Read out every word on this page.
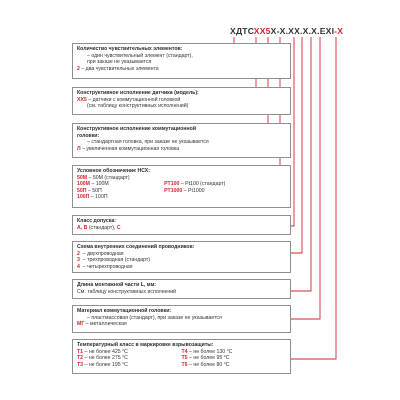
ХДТСХХ5Х-Х.ХХ.Х.Х.EXI-Х
Количество чувствительных элементов:
– один чувствительный элемент (стандарт),
при заказе не указывается
2 – два чувствительных элемента
Конструктивное исполнение датчика (модель):
ХХ5 – датчики с коммутационной головкой
(см. таблицу конструктивных исполнений)
Конструктивное исполнение коммутационной
головки:
– стандартная головка, при заказе не указывается
Л – увеличенная коммутационная головка
Условное обозначение НСХ:
50М – 50М (стандарт)
100М – 100М
50П – 50П
100П – 100П

PT100 – Pt100 (стандарт)
PT1000 – Pt1000
Класс допуска:
А, В (стандарт), С
Схема внутренних соединений проводников:
2 – двухпроводная
3 – трехпроводная (стандарт)
4 – четырехпроводная
Длина монтажной части L, мм:
См. таблицу конструктивных исполнений
Материал коммутационной головки:
– пластмассовая (стандарт), при заказе не указывается
МГ – металлическая
Температурный класс в маркировке взрывозащиты:
T1 – не более 425 °C
T2 – не более 275 °C
T3 – не более 195 °C
T4 – не более 130 °C
T5 – не более 95 °C
T6 – не более 80 °C
